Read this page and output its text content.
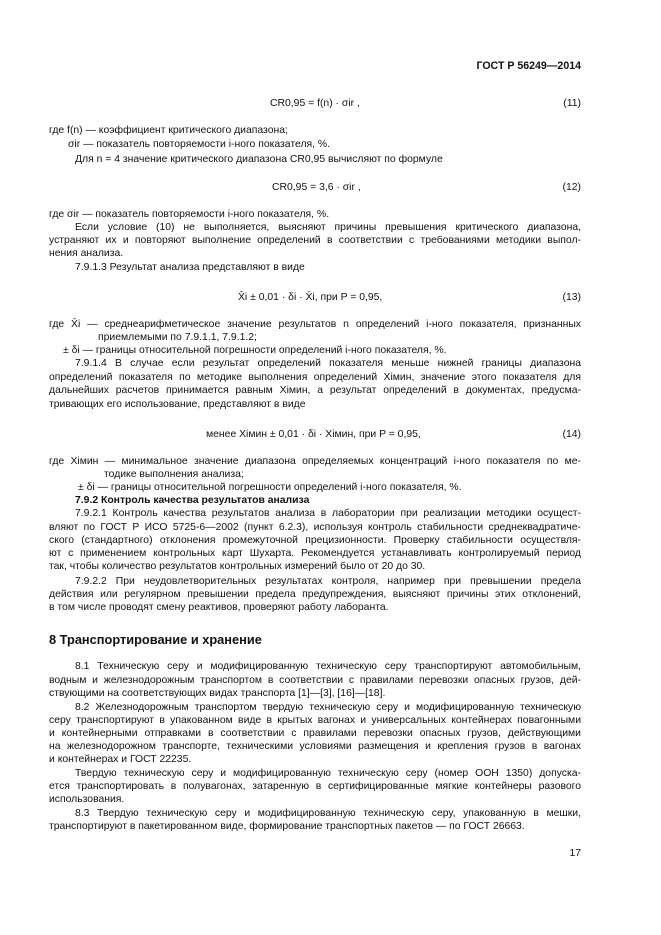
ГОСТ Р 56249—2014
CR0,95 = f(n) · σir ,	(11)
где f(n) — коэффициент критического диапазона;
σir — показатель повторяемости i-ного показателя, %.
Для n = 4 значение критического диапазона CR0,95 вычисляют по формуле
CR0,95 = 3,6 · σir ,	(12)
где σir — показатель повторяемости i-ного показателя, %.
Если условие (10) не выполняется, выясняют причины превышения критического диапазона,
устраняют их и повторяют выполнение определений в соответствии с требованиями методики выпол-
нения анализа.
7.9.1.3 Результат анализа представляют в виде
X̄i ± 0,01 · δi · X̄i, при P = 0,95,	(13)
где X̄i — среднеарифметическое значение результатов n определений i-ного показателя, признанных
приемлемыми по 7.9.1.1, 7.9.1.2;
± δi — границы относительной погрешности определений i-ного показателя, %.
7.9.1.4 В случае если результат определений показателя меньше нижней границы диапазона
определений показателя по методике выполнения определений Xiмин, значение этого показателя для
дальнейших расчетов принимается равным Xiмин, а результат определений в документах, предусма-
тривающих его использование, представляют в виде
менее Xiмин ± 0,01 · δi · Xiмин, при P = 0,95,	(14)
где Xiмин — минимальное значение диапазона определяемых концентраций i-ного показателя по ме-
тодике выполнения анализа;
± δi — границы относительной погрешности определений i-ного показателя, %.
7.9.2 Контроль качества результатов анализа
7.9.2.1 Контроль качества результатов анализа в лаборатории при реализации методики осущест-
вляют по ГОСТ Р ИСО 5725-6—2002 (пункт 6.2.3), используя контроль стабильности среднеквадратиче-
ского (стандартного) отклонения промежуточной прецизионности. Проверку стабильности осуществля-
ют с применением контрольных карт Шухарта. Рекомендуется устанавливать контролируемый период
так, чтобы количество результатов контрольных измерений было от 20 до 30.
7.9.2.2 При неудовлетворительных результатах контроля, например при превышении предела
действия или регулярном превышении предела предупреждения, выясняют причины этих отклонений,
в том числе проводят смену реактивов, проверяют работу лаборанта.
8 Транспортирование и хранение
8.1 Техническую серу и модифицированную техническую серу транспортируют автомобильным,
водным и железнодорожным транспортом в соответствии с правилами перевозки опасных грузов, дей-
ствующими на соответствующих видах транспорта [1]—[3], [16]—[18].
8.2 Железнодорожным транспортом твердую техническую серу и модифицированную техническую
серу транспортируют в упакованном виде в крытых вагонах и универсальных контейнерах повагонными
и контейнерными отправками в соответствии с правилами перевозки опасных грузов, действующими
на железнодорожном транспорте, техническими условиями размещения и крепления грузов в вагонах
и контейнерах и ГОСТ 22235.
Твердую техническую серу и модифицированную техническую серу (номер ООН 1350) допуска-
ется транспортировать в полувагонах, затаренную в сертифицированные мягкие контейнеры разового
использования.
8.3 Твердую техническую серу и модифицированную техническую серу, упакованную в мешки,
транспортируют в пакетированном виде, формирование транспортных пакетов — по ГОСТ 26663.
17
